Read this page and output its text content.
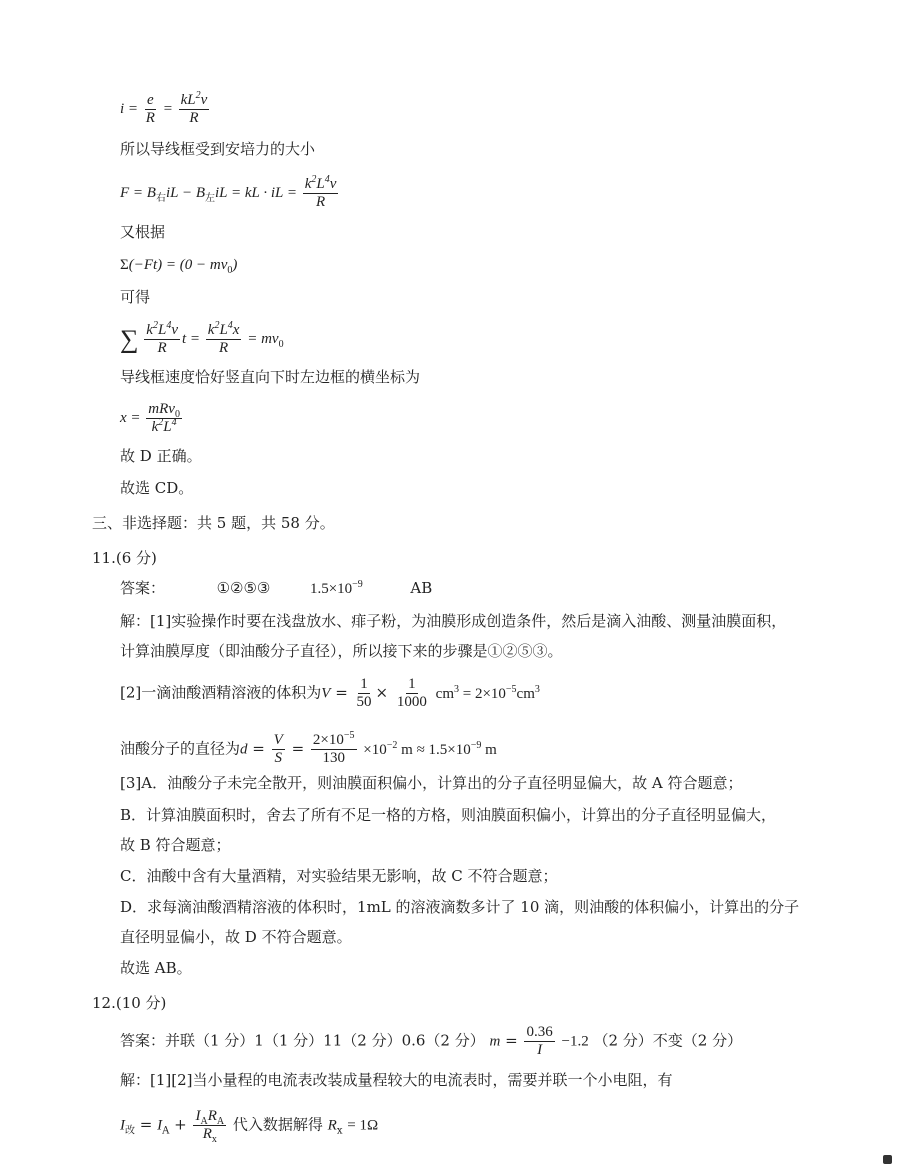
$i = \frac{e}{R} = \frac{kL^2v}{R}$
所以导线框受到安培力的大小
$F = B_右iL - B_左iL$ = kL · iL = $\frac{k^2L^4v}{R}$
又根据
$\Sigma(-Ft) = (0 - mv_0)$
可得
∑ $\frac{k^2L^4v}{R}$ $t = \frac{k^2L^4x}{R} = mv_0$
导线框速度恰好竖直向下时左边框的横坐标为
$x = \frac{mRv_0}{k^2L^4}$
故 D 正确。
故选 CD。
三、非选择题：共 5 题，共 58 分。
11.(6 分)
答案：	①②⑤③	$1.5\times 10^{-9}$	AB
解：[1]实验操作时要在浅盘放水、痱子粉，为油膜形成创造条件，然后是滴入油酸、测量油膜面积，
计算油膜厚度（即油酸分子直径），所以接下来的步骤是①②⑤③。
[2]一滴油酸酒精溶液的体积为$V = \frac{1}{50} \times \frac{1}{1000} cm^3 = 2\times 10^{-5}cm^3$
油酸分子的直径为$d = \frac{V}{S} = \frac{2\times 10^{-5}}{130} \times 10^{-2}$ $m \approx 1.5\times 10^{-9}$ m
[3]A．油酸分子未完全散开，则油膜面积偏小，计算出的分子直径明显偏大，故 A 符合题意；
B．计算油膜面积时，舍去了所有不足一格的方格，则油膜面积偏小，计算出的分子直径明显偏大，
故 B 符合题意；
C．油酸中含有大量酒精，对实验结果无影响，故 C 不符合题意；
D．求每滴油酸酒精溶液的体积时，1mL 的溶液滴数多计了 10 滴，则油酸的体积偏小，计算出的分子
直径明显偏小，故 D 不符合题意。
故选 AB。
12.(10 分)
答案：并联（1 分）1（1 分）11（2 分）0.6（2 分） $m = \frac{0.36}{I} -1.2$ （2 分）不变（2 分）
解：[1][2]当小量程的电流表改装成量程较大的电流表时，需要并联一个小电阻，有
$I_改 = I_A + \frac{I_AR_A}{R_x}$ 代入数据解得 $R_x = 1\Omega$
